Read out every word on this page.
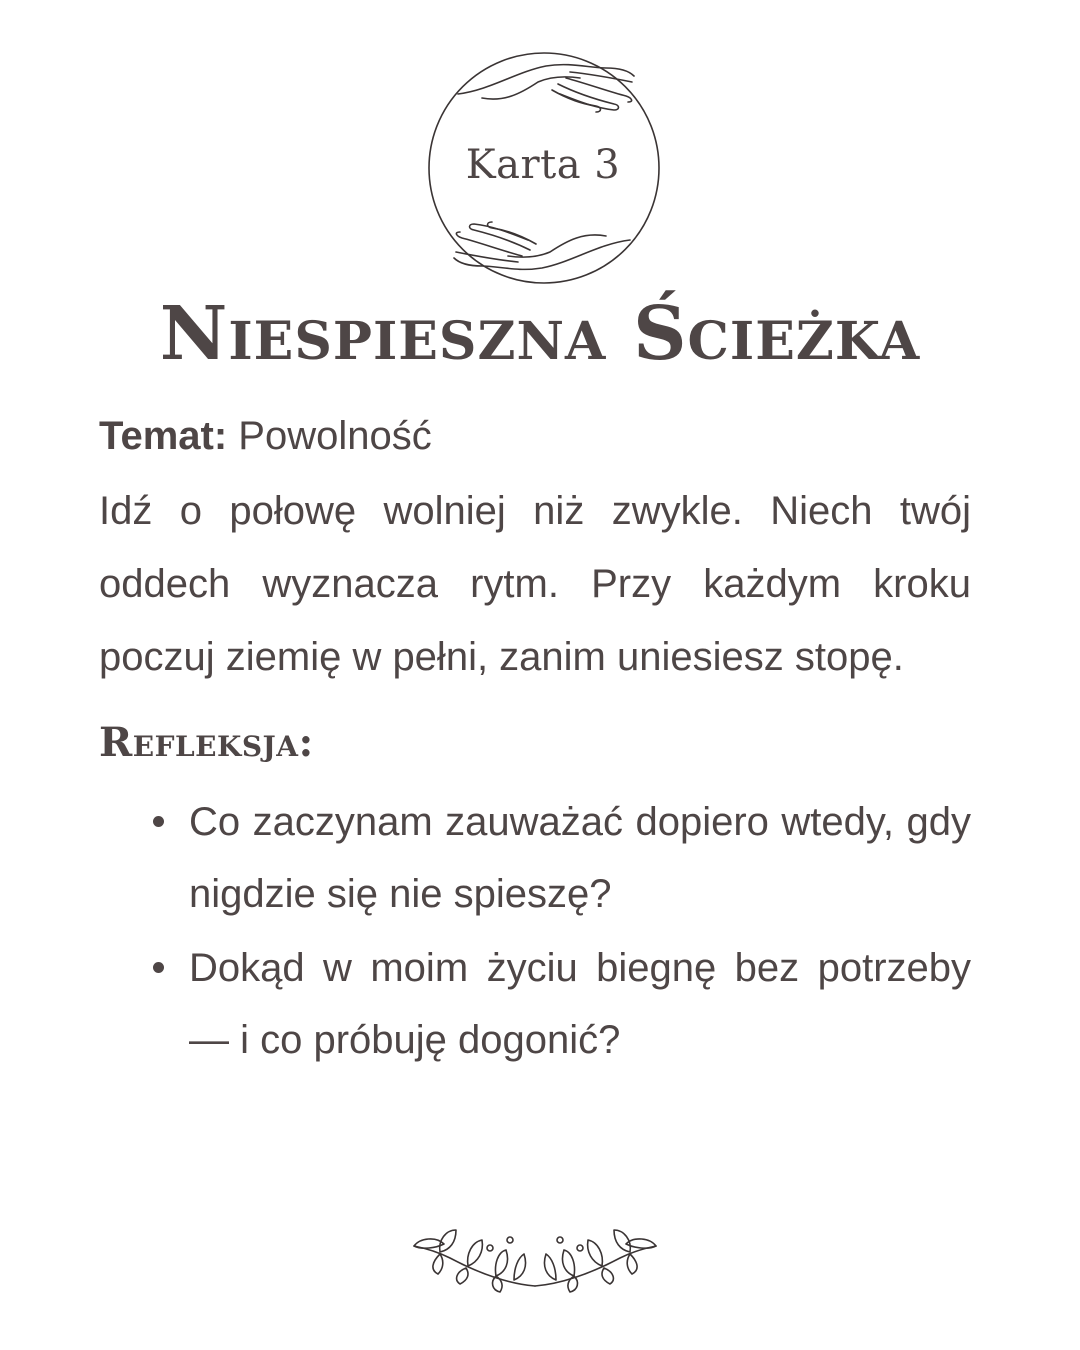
Karta 3
Niespieszna Ścieżka

Temat: Powolność

Idź o połowę wolniej niż zwykle. Niech twój oddech wyznacza rytm. Przy każdym kroku poczuj ziemię w pełni, zanim uniesiesz stopę.

Refleksja:
Co zaczynam zauważać dopiero wtedy, gdy nigdzie się nie spieszę?
Dokąd w moim życiu biegnę bez potrzeby — i co próbuję dogonić?
